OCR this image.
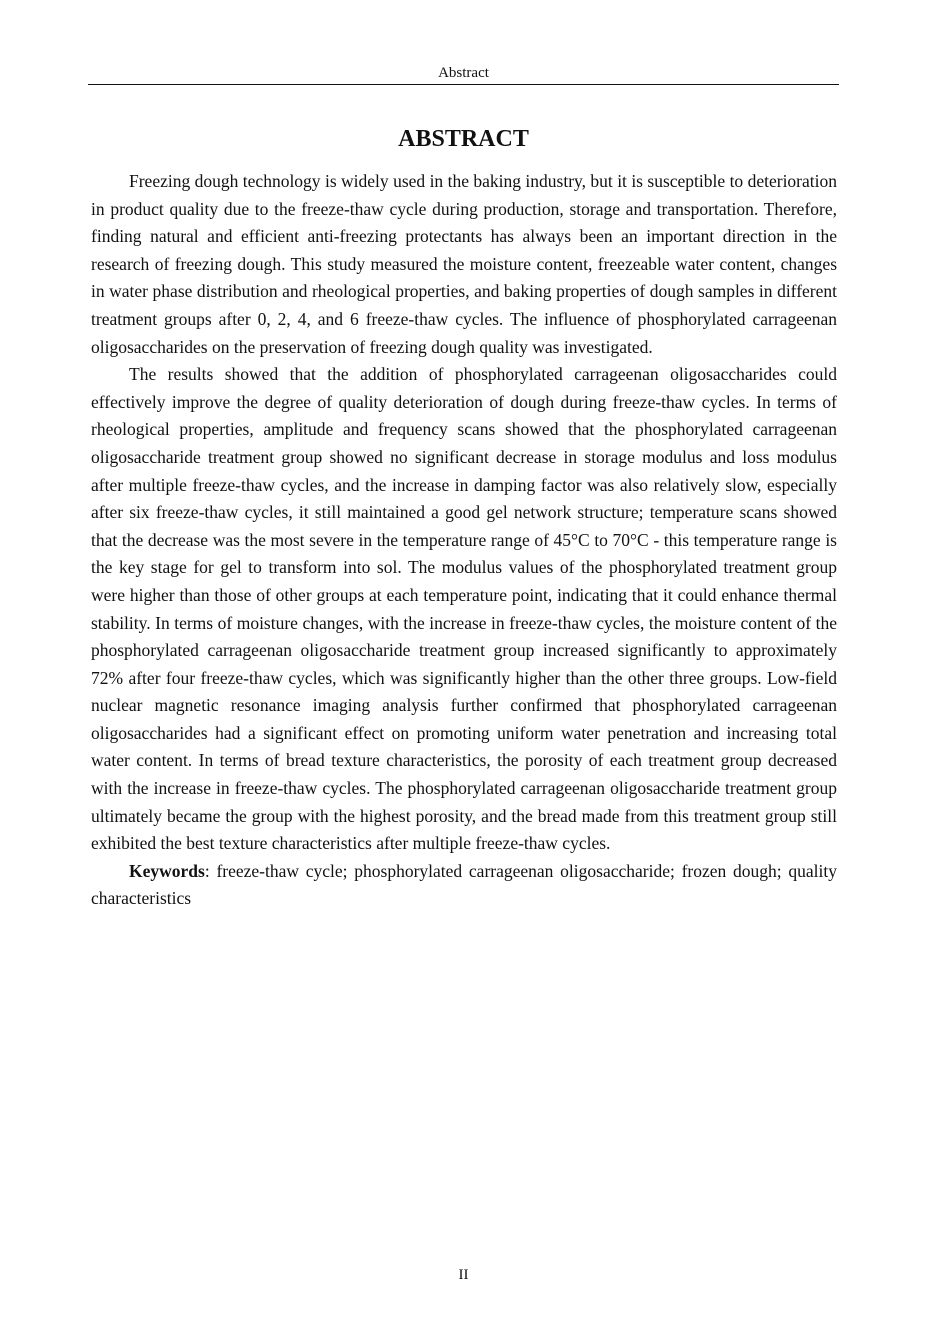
Abstract
ABSTRACT

Freezing dough technology is widely used in the baking industry, but it is susceptible to deterioration in product quality due to the freeze-thaw cycle during production, storage and transportation. Therefore, finding natural and efficient anti-freezing protectants has always been an important direction in the research of freezing dough. This study measured the moisture content, freezeable water content, changes in water phase distribution and rheological properties, and baking properties of dough samples in different treatment groups after 0, 2, 4, and 6 freeze-thaw cycles. The influence of phosphorylated carrageenan oligosaccharides on the preservation of freezing dough quality was investigated.

The results showed that the addition of phosphorylated carrageenan oligosaccharides could effectively improve the degree of quality deterioration of dough during freeze-thaw cycles. In terms of rheological properties, amplitude and frequency scans showed that the phosphorylated carrageenan oligosaccharide treatment group showed no significant decrease in storage modulus and loss modulus after multiple freeze-thaw cycles, and the increase in damping factor was also relatively slow, especially after six freeze-thaw cycles, it still maintained a good gel network structure; temperature scans showed that the decrease was the most severe in the temperature range of 45°C to 70°C - this temperature range is the key stage for gel to transform into sol. The modulus values of the phosphorylated treatment group were higher than those of other groups at each temperature point, indicating that it could enhance thermal stability. In terms of moisture changes, with the increase in freeze-thaw cycles, the moisture content of the phosphorylated carrageenan oligosaccharide treatment group increased significantly to approximately 72% after four freeze-thaw cycles, which was significantly higher than the other three groups. Low-field nuclear magnetic resonance imaging analysis further confirmed that phosphorylated carrageenan oligosaccharides had a significant effect on promoting uniform water penetration and increasing total water content. In terms of bread texture characteristics, the porosity of each treatment group decreased with the increase in freeze-thaw cycles. The phosphorylated carrageenan oligosaccharide treatment group ultimately became the group with the highest porosity, and the bread made from this treatment group still exhibited the best texture characteristics after multiple freeze-thaw cycles.

Keywords: freeze-thaw cycle; phosphorylated carrageenan oligosaccharide; frozen dough; quality characteristics

II
